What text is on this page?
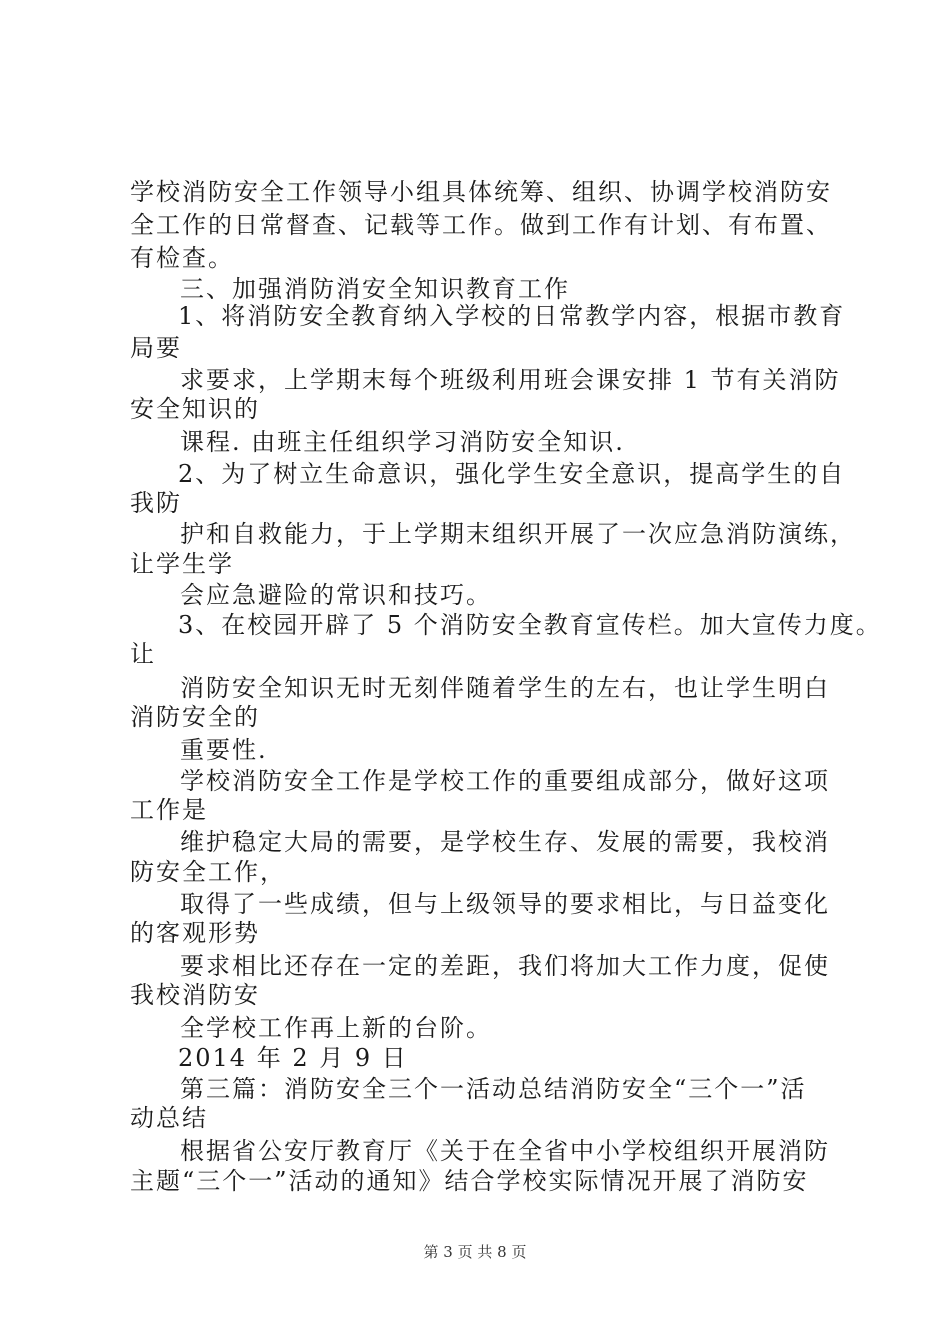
学校消防安全工作领导小组具体统筹、组织、协调学校消防安
全工作的日常督查、记载等工作。做到工作有计划、有布置、
有检查。
三、加强消防消安全知识教育工作
1、将消防安全教育纳入学校的日常教学内容，根据市教育
局要
求要求，上学期末每个班级利用班会课安排 1 节有关消防
安全知识的
课程. 由班主任组织学习消防安全知识.
2、为了树立生命意识，强化学生安全意识，提高学生的自
我防
护和自救能力，于上学期末组织开展了一次应急消防演练，
让学生学
会应急避险的常识和技巧。
3、在校园开辟了 5 个消防安全教育宣传栏。加大宣传力度。
让
消防安全知识无时无刻伴随着学生的左右，也让学生明白
消防安全的
重要性.
学校消防安全工作是学校工作的重要组成部分，做好这项
工作是
维护稳定大局的需要，是学校生存、发展的需要，我校消
防安全工作，
取得了一些成绩，但与上级领导的要求相比，与日益变化
的客观形势
要求相比还存在一定的差距，我们将加大工作力度，促使
我校消防安
全学校工作再上新的台阶。
2014 年 2 月 9 日
第三篇：消防安全三个一活动总结消防安全“三个一”活
动总结
根据省公安厅教育厅《关于在全省中小学校组织开展消防
主题“三个一”活动的通知》结合学校实际情况开展了消防安
第 3 页 共 8 页
